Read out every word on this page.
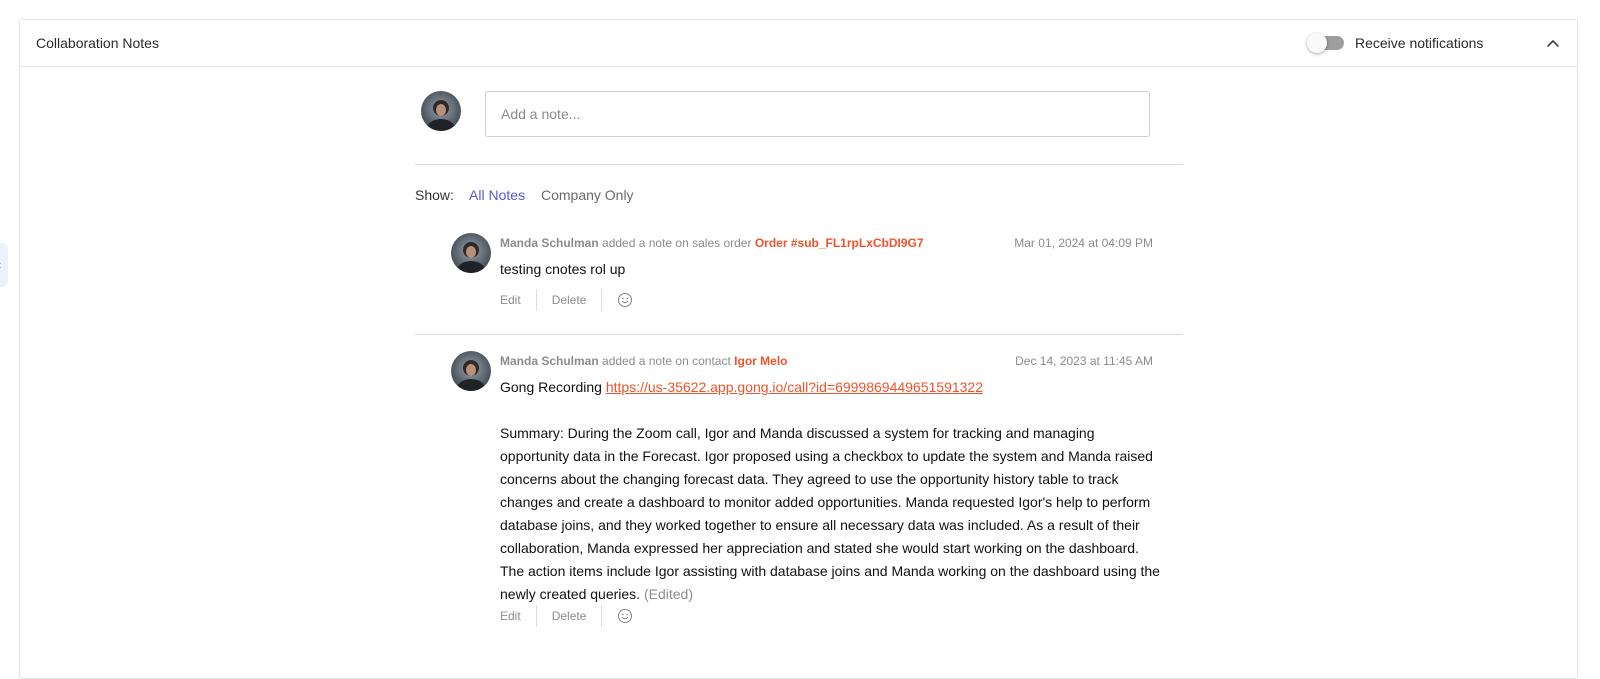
Collaboration Notes	Receive notifications
Add a note...
Show: All Notes Company Only
Manda Schulman added a note on sales order Order #sub_FL1rpLxCbDI9G7	Mar 01, 2024 at 04:09 PM

testing cnotes rol up

Edit	Delete
Manda Schulman added a note on contact Igor Melo	Dec 14, 2023 at 11:45 AM

Gong Recording https://us-35622.app.gong.io/call?id=6999869449651591322

Summary: During the Zoom call, Igor and Manda discussed a system for tracking and managing opportunity data in the Forecast. Igor proposed using a checkbox to update the system and Manda raised concerns about the changing forecast data. They agreed to use the opportunity history table to track changes and create a dashboard to monitor added opportunities. Manda requested Igor's help to perform database joins, and they worked together to ensure all necessary data was included. As a result of their collaboration, Manda expressed her appreciation and stated she would start working on the dashboard. The action items include Igor assisting with database joins and Manda working on the dashboard using the newly created queries. (Edited)

Edit	Delete
